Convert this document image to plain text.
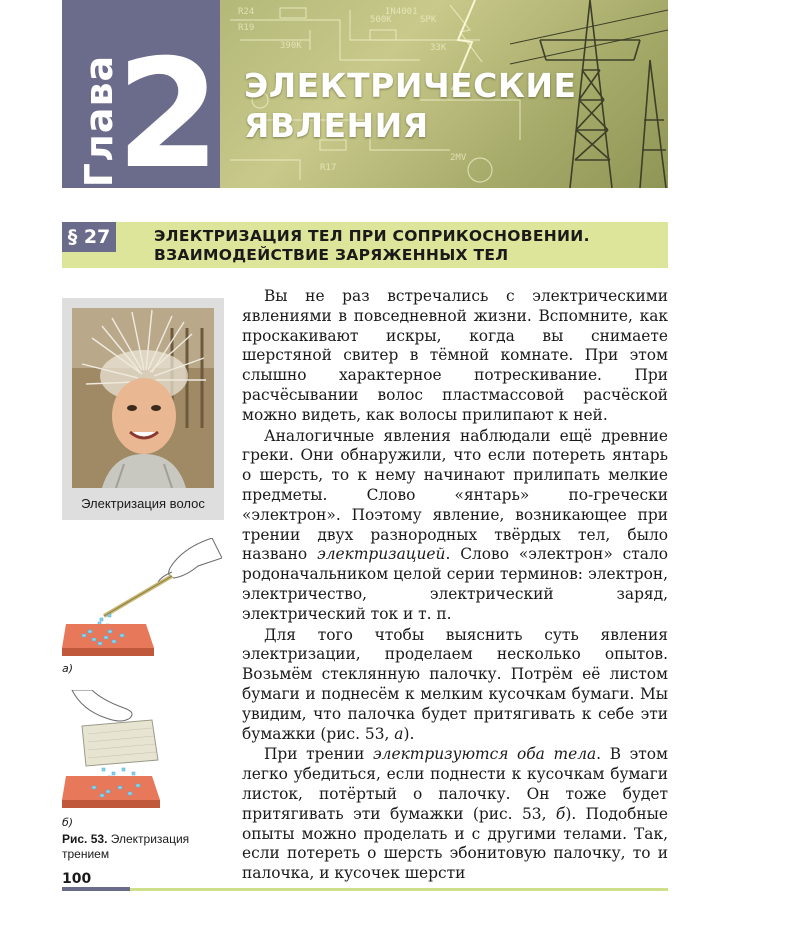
Глава
2
R24
R19
390K
500K
IN4001
33K
R17
SPK
2MV
ЭЛЕКТРИЧЕСКИЕ
ЯВЛЕНИЯ
§ 27	ЭЛЕКТРИЗАЦИЯ ТЕЛ ПРИ СОПРИКОСНОВЕНИИ.
ВЗАИМОДЕЙСТВИЕ ЗАРЯЖЕННЫХ ТЕЛ
Электризация волос
а)
б)
Рис. 53. Электризация трением

Вы не раз встречались с электрическими явлениями в повседневной жизни. Вспомните, как проскакивают искры, когда вы снимаете шерстяной свитер в тёмной комнате. При этом слышно характерное потрескивание. При расчёсывании волос пластмассовой расчёской можно видеть, как волосы прилипают к ней.

Аналогичные явления наблюдали ещё древние греки. Они обнаружили, что если потереть янтарь о шерсть, то к нему начинают прилипать мелкие предметы. Слово «янтарь» по-гречески «электрон». Поэтому явление, возникающее при трении двух разнородных твёрдых тел, было названо электризацией. Слово «электрон» стало родоначальником целой серии терминов: электрон, электричество, электрический заряд, электрический ток и т. п.

Для того чтобы выяснить суть явления электризации, проделаем несколько опытов. Возьмём стеклянную палочку. Потрём её листом бумаги и поднесём к мелким кусочкам бумаги. Мы увидим, что палочка будет притягивать к себе эти бумажки (рис. 53, а).

При трении электризуются оба тела. В этом легко убедиться, если поднести к кусочкам бумаги листок, потёртый о палочку. Он тоже будет притягивать эти бумажки (рис. 53, б). Подобные опыты можно проделать и с другими телами. Так, если потереть о шерсть эбонитовую палочку, то и палочка, и кусочек шерсти

100
